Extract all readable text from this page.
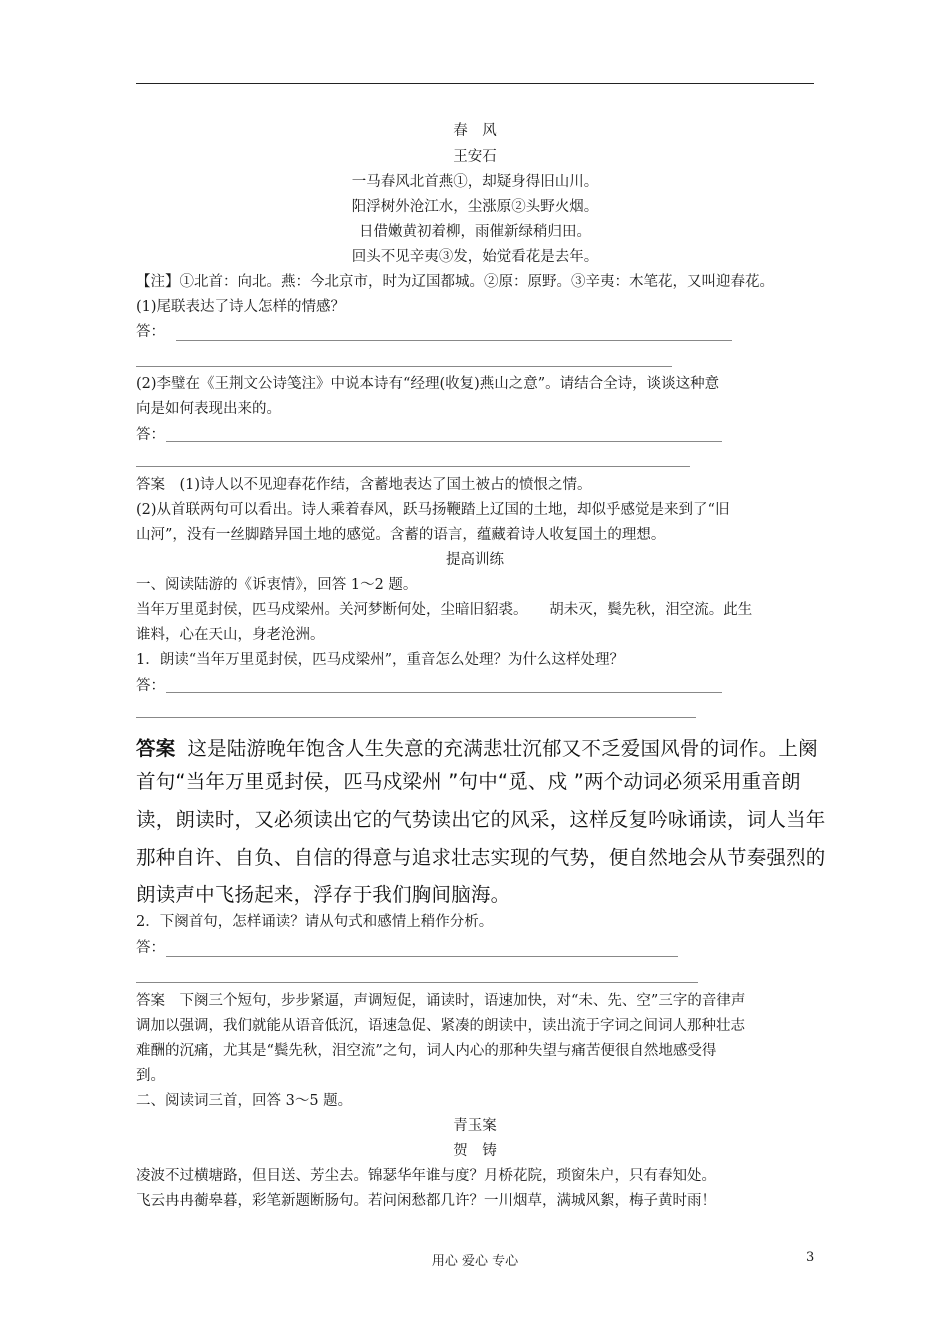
春　风
王安石
一马春风北首燕①，却疑身得旧山川。
阳浮树外沧江水，尘涨原②头野火烟。
日借嫩黄初着柳，雨催新绿稍归田。
回头不见辛夷③发，始觉看花是去年。
【注】①北首：向北。燕：今北京市，时为辽国都城。②原：原野。③辛夷：木笔花，又叫迎春花。
(1)尾联表达了诗人怎样的情感？
答：
(2)李璧在《王荆文公诗笺注》中说本诗有“经理(收复)燕山之意”。请结合全诗，谈谈这种意
向是如何表现出来的。
答：
答案　(1)诗人以不见迎春花作结，含蓄地表达了国土被占的愤恨之情。
(2)从首联两句可以看出。诗人乘着春风，跃马扬鞭踏上辽国的土地，却似乎感觉是来到了“旧
山河”，没有一丝脚踏异国土地的感觉。含蓄的语言，蕴藏着诗人收复国土的理想。
提高训练
一、阅读陆游的《诉衷情》，回答 1～2 题。
当年万里觅封侯，匹马戍梁州。关河梦断何处，尘暗旧貂裘。　　胡未灭，鬓先秋，泪空流。此生
谁料，心在天山，身老沧洲。
1．朗读“当年万里觅封侯，匹马戍梁州”，重音怎么处理？为什么这样处理？
答：
答案 这是陆游晚年饱含人生失意的充满悲壮沉郁又不乏爱国风骨的词作。上阕
首句“当年万里觅封侯，匹马戍梁州 ”句中“觅、戍 ”两个动词必须采用重音朗
读，朗读时，又必须读出它的气势读出它的风采，这样反复吟咏诵读，词人当年
那种自许、自负、自信的得意与追求壮志实现的气势，便自然地会从节奏强烈的
朗读声中飞扬起来，浮存于我们胸间脑海。
2．下阕首句，怎样诵读？请从句式和感情上稍作分析。
答：
答案　下阕三个短句，步步紧逼，声调短促，诵读时，语速加快，对“未、先、空”三字的音律声
调加以强调，我们就能从语音低沉，语速急促、紧凑的朗读中，读出流于字词之间词人那种壮志
难酬的沉痛，尤其是“鬓先秋，泪空流”之句，词人内心的那种失望与痛苦便很自然地感受得
到。
二、阅读词三首，回答 3～5 题。
青玉案
贺　铸
凌波不过横塘路，但目送、芳尘去。锦瑟华年谁与度？月桥花院，琐窗朱户，只有春知处。
飞云冉冉蘅皋暮，彩笔新题断肠句。若问闲愁都几许？一川烟草，满城风絮，梅子黄时雨！
用心 爱心 专心	3
